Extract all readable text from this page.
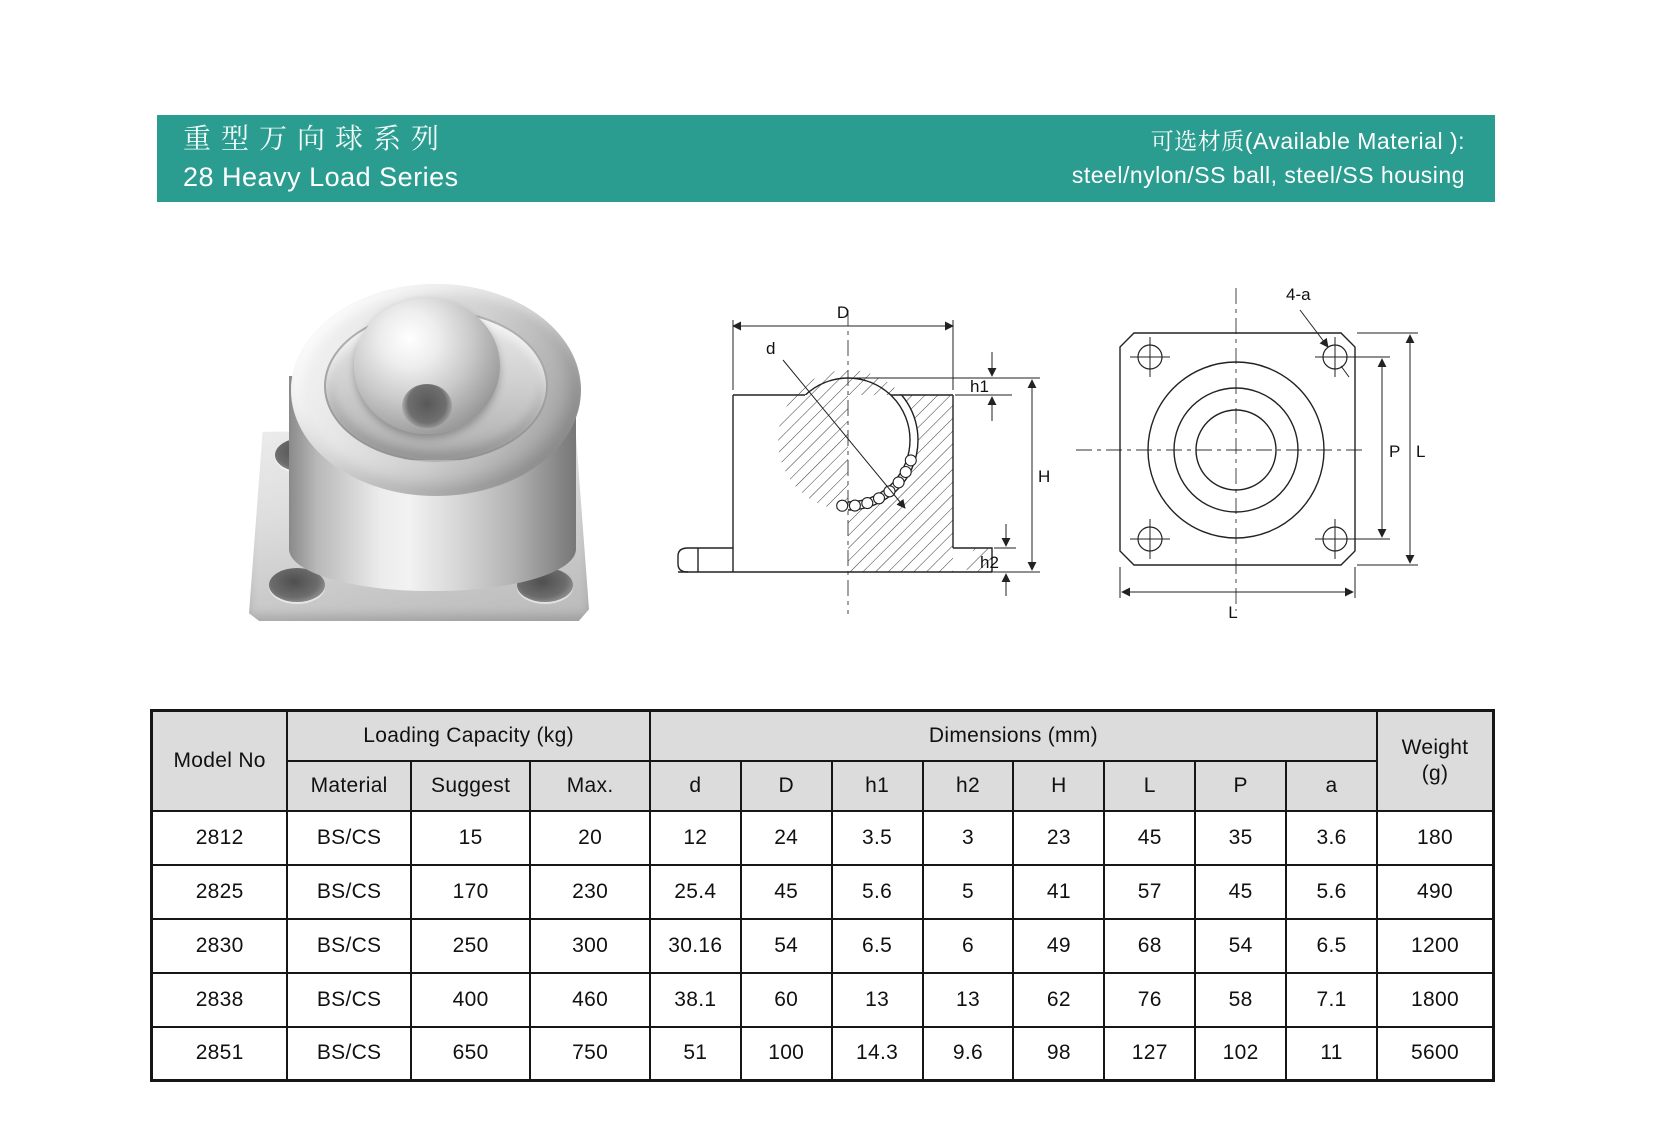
重型万向球系列
28 Heavy Load Series
可选材质(Available Material ):
steel/nylon/SS ball, steel/SS housing
D
d
h1
h2
H
4-a
P L
L
Model No	Loading Capacity (kg)			Dimensions (mm)								Weight
(g)

	Material	Suggest	Max.	d	D	h1	h2	H	L	P	a	
2812	BS/CS	15	20	12	24	3.5	3	23	45	35	3.6	180
2825	BS/CS	170	230	25.4	45	5.6	5	41	57	45	5.6	490
2830	BS/CS	250	300	30.16	54	6.5	6	49	68	54	6.5	1200
2838	BS/CS	400	460	38.1	60	13	13	62	76	58	7.1	1800
2851	BS/CS	650	750	51	100	14.3	9.6	98	127	102	11	5600
